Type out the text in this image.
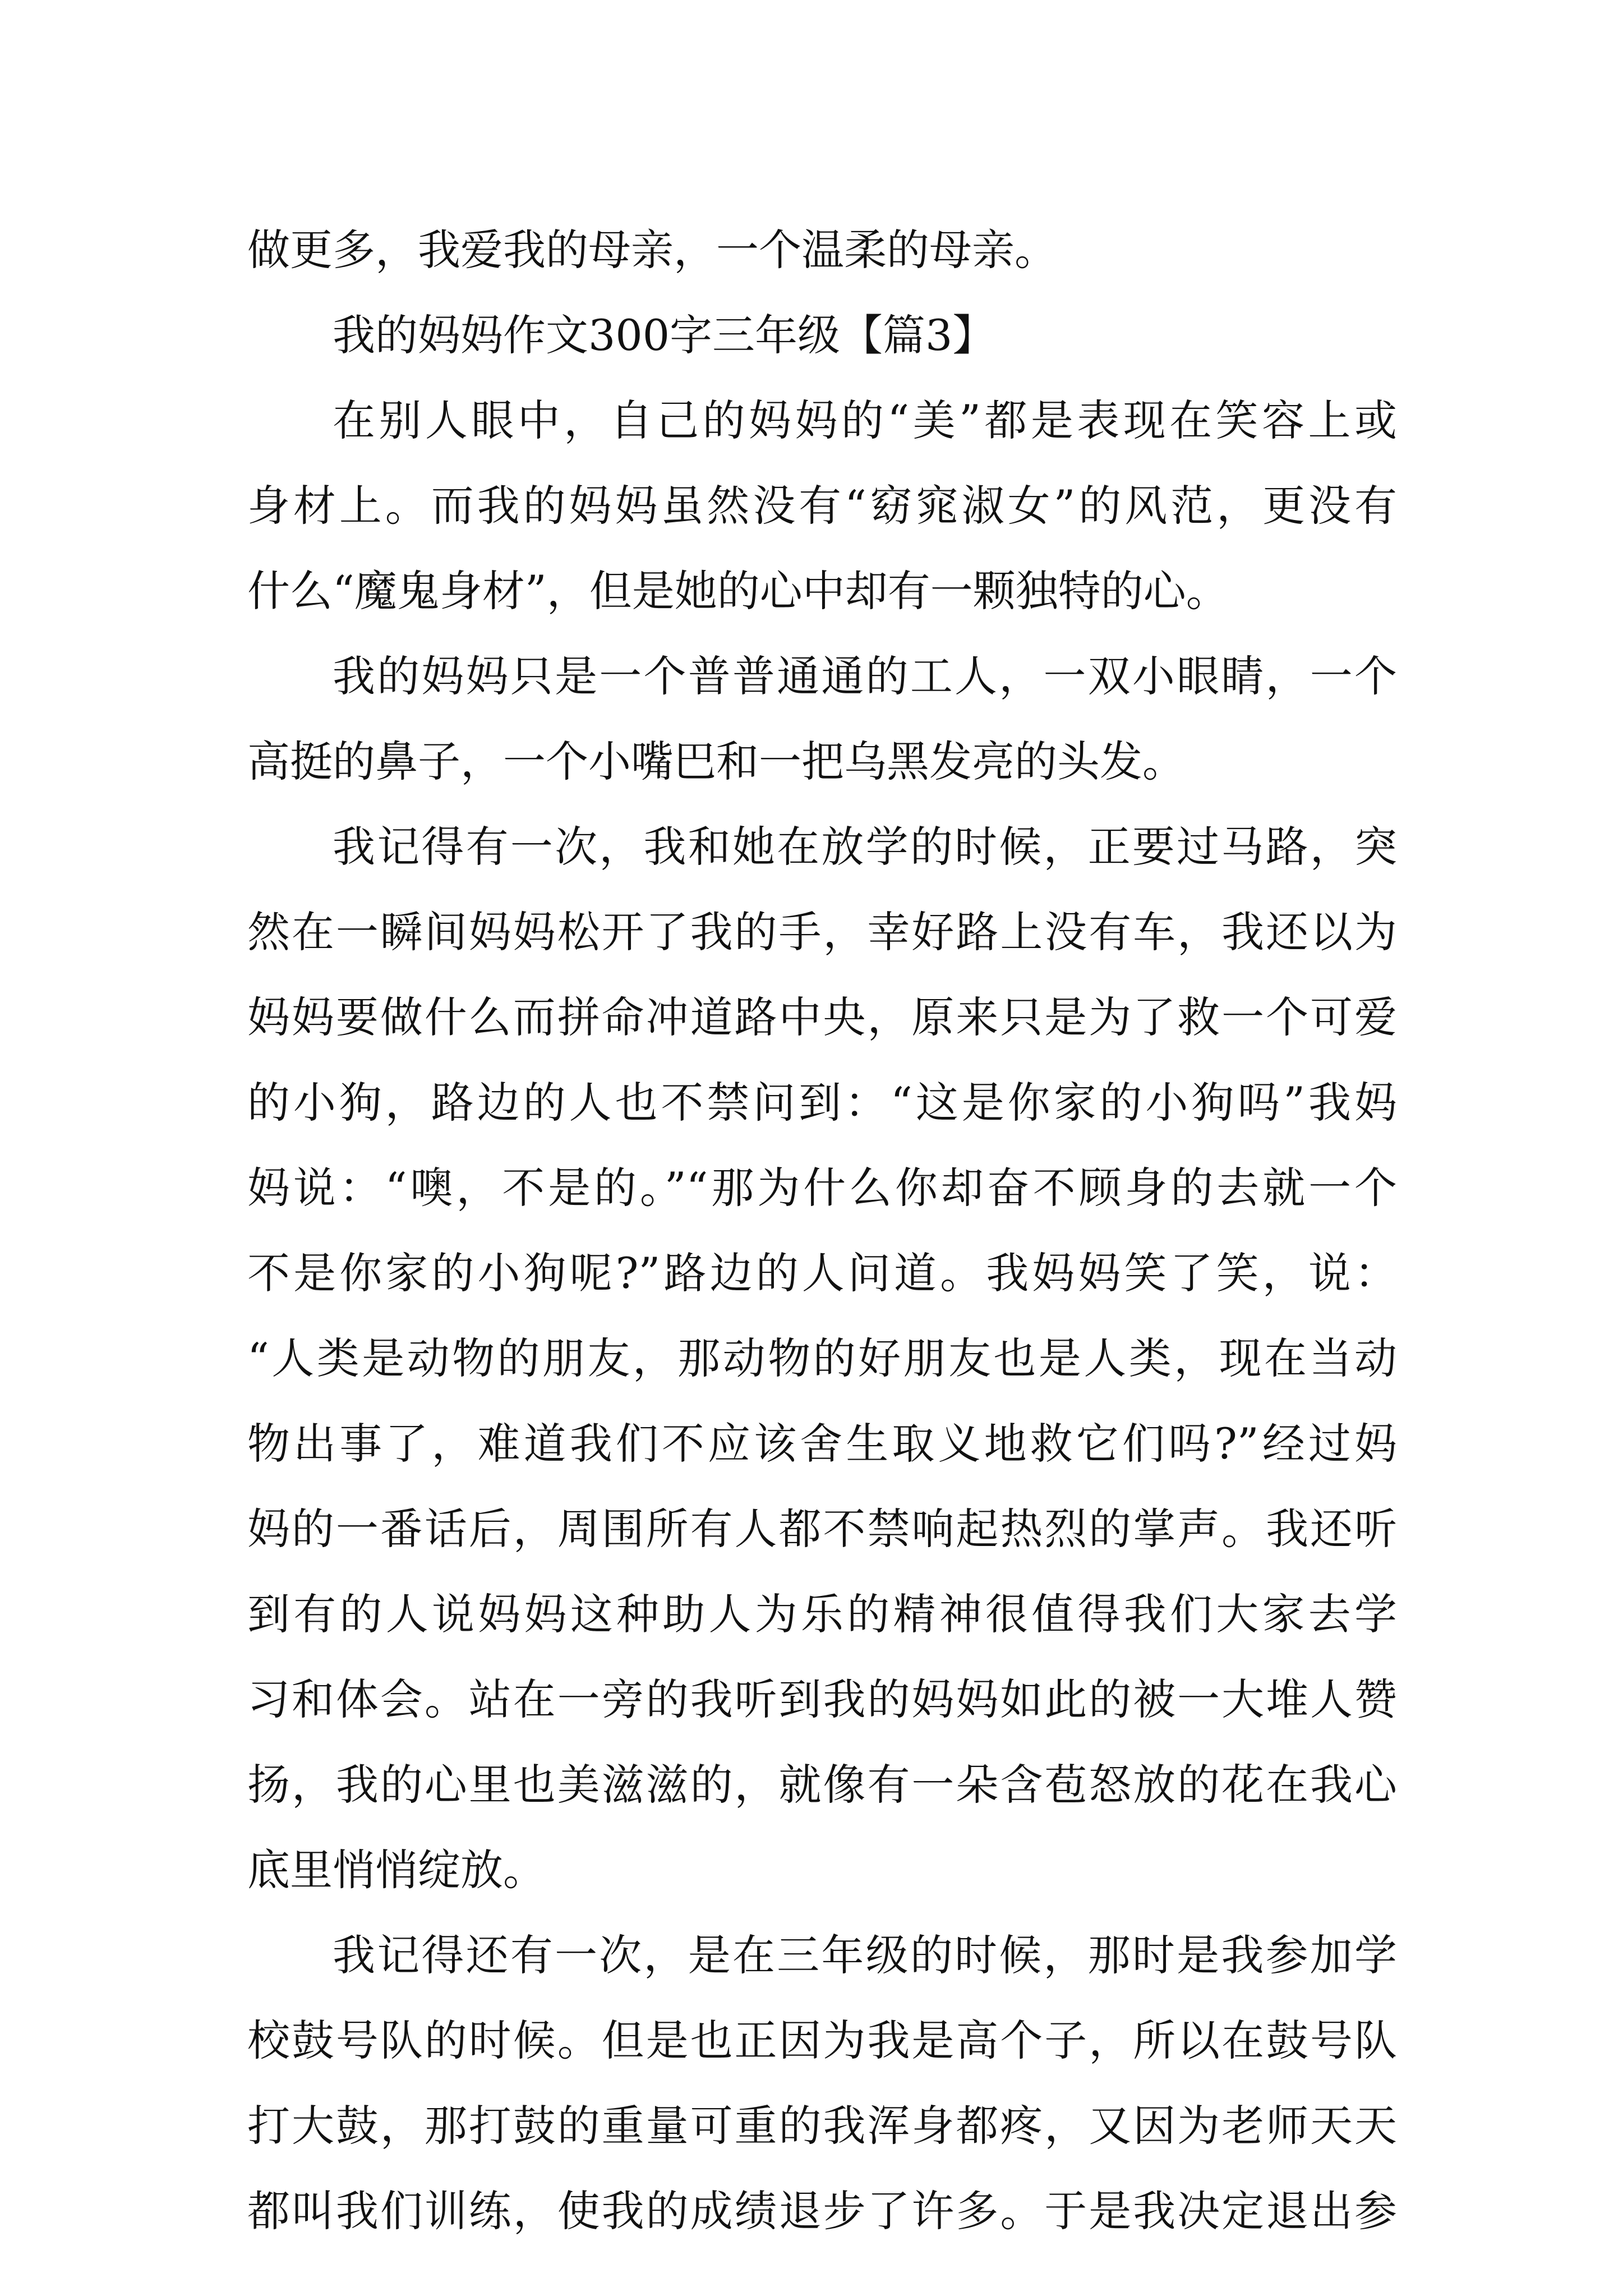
做更多，我爱我的母亲，一个温柔的母亲。
我的妈妈作文300字三年级【篇3】
在别人眼中，自己的妈妈的“美”都是表现在笑容上或
身材上。而我的妈妈虽然没有“窈窕淑女”的风范，更没有
什么“魔鬼身材”，但是她的心中却有一颗独特的心。
我的妈妈只是一个普普通通的工人，一双小眼睛，一个
高挺的鼻子，一个小嘴巴和一把乌黑发亮的头发。
我记得有一次，我和她在放学的时候，正要过马路，突
然在一瞬间妈妈松开了我的手，幸好路上没有车，我还以为
妈妈要做什么而拼命冲道路中央，原来只是为了救一个可爱
的小狗，路边的人也不禁问到：“这是你家的小狗吗”我妈
妈说：“噢，不是的。”“那为什么你却奋不顾身的去就一个
不是你家的小狗呢?”路边的人问道。我妈妈笑了笑，说：
“人类是动物的朋友，那动物的好朋友也是人类，现在当动
物出事了，难道我们不应该舍生取义地救它们吗?”经过妈
妈的一番话后，周围所有人都不禁响起热烈的掌声。我还听
到有的人说妈妈这种助人为乐的精神很值得我们大家去学
习和体会。站在一旁的我听到我的妈妈如此的被一大堆人赞
扬，我的心里也美滋滋的，就像有一朵含苞怒放的花在我心
底里悄悄绽放。
我记得还有一次，是在三年级的时候，那时是我参加学
校鼓号队的时候。但是也正因为我是高个子，所以在鼓号队
打大鼓，那打鼓的重量可重的我浑身都疼，又因为老师天天
都叫我们训练，使我的成绩退步了许多。于是我决定退出参
